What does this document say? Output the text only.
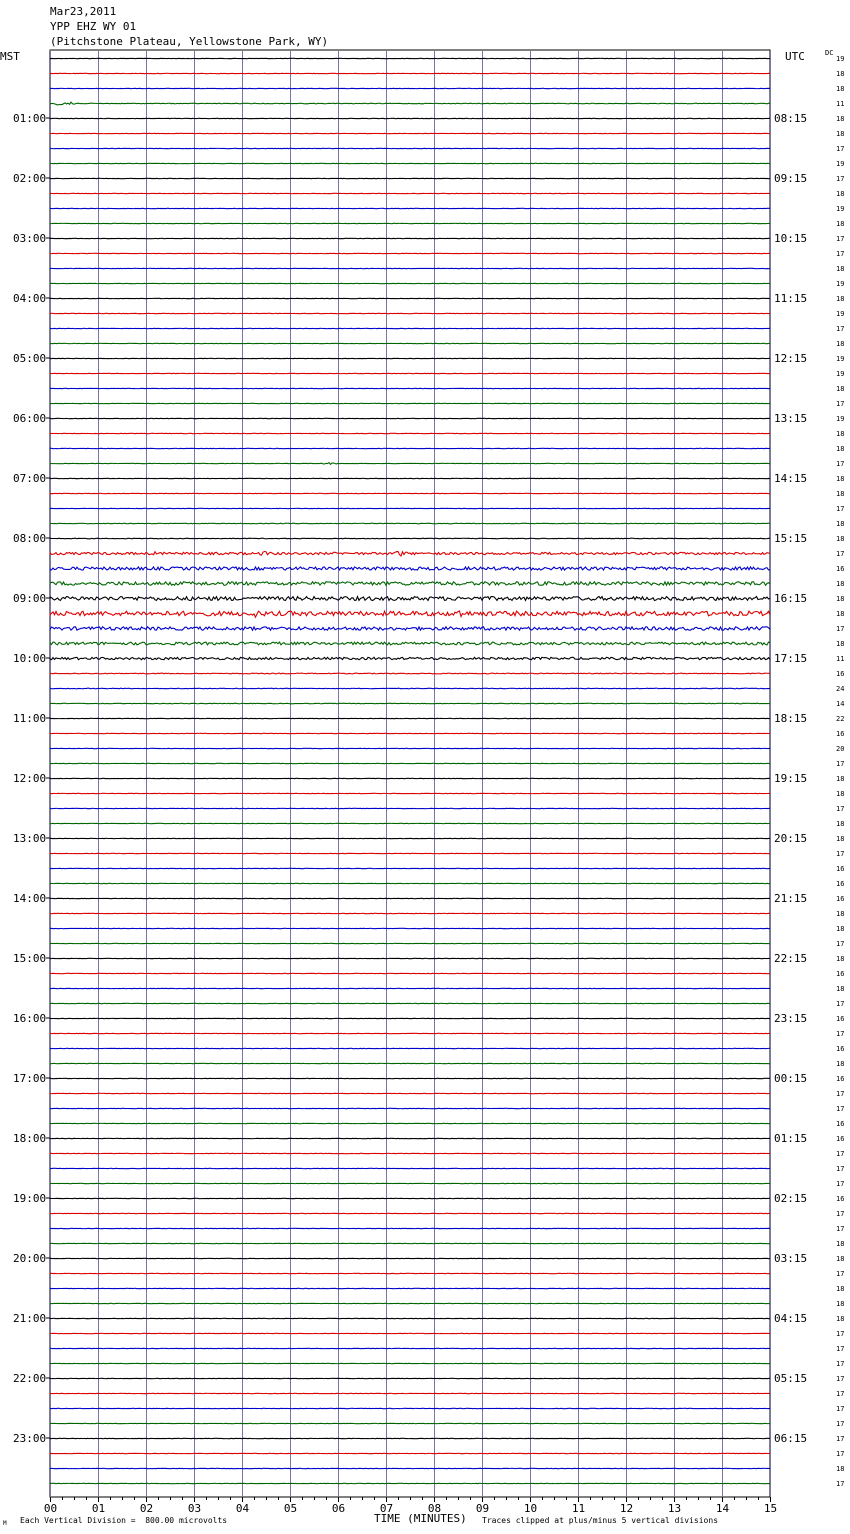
Mar23,2011
YPP EHZ WY 01
(Pitchstone Plateau, Yellowstone Park, WY)
MST	UTC	DC
00	01	02	03	04	05	06	07	08	09	10	11	12	13	14	15
01:00
02:00
03:00
04:00
05:00
06:00
07:00
08:00
09:00
10:00
11:00
12:00
13:00
14:00
15:00
16:00
17:00
18:00
19:00
20:00
21:00
22:00
23:00
08:15
09:15
10:15
11:15
12:15
13:15
14:15
15:15
16:15
17:15
18:15
19:15
20:15
21:15
22:15
23:15
00:15
01:15
02:15
03:15
04:15
05:15
06:15
19
18
18
11
18
18
17
19
17
18
19
18
17
17
18
19
18
19
17
18
19
19
18
17
19
18
18
17
18
18
17
18
18
17
16
18
18
18
17
18
11
16
24
14
22
16
20
17
18
18
17
18
18
17
16
16
16
18
18
17
18
16
18
17
16
17
16
18
16
17
17
16
16
17
17
17
16
17
17
18
18
17
18
18
18
17
17
17
17
17
17
17
17
17
18
17
TIME (MINUTES)
M Each Vertical Division =  800.00 microvolts	Traces clipped at plus/minus 5 vertical divisions
